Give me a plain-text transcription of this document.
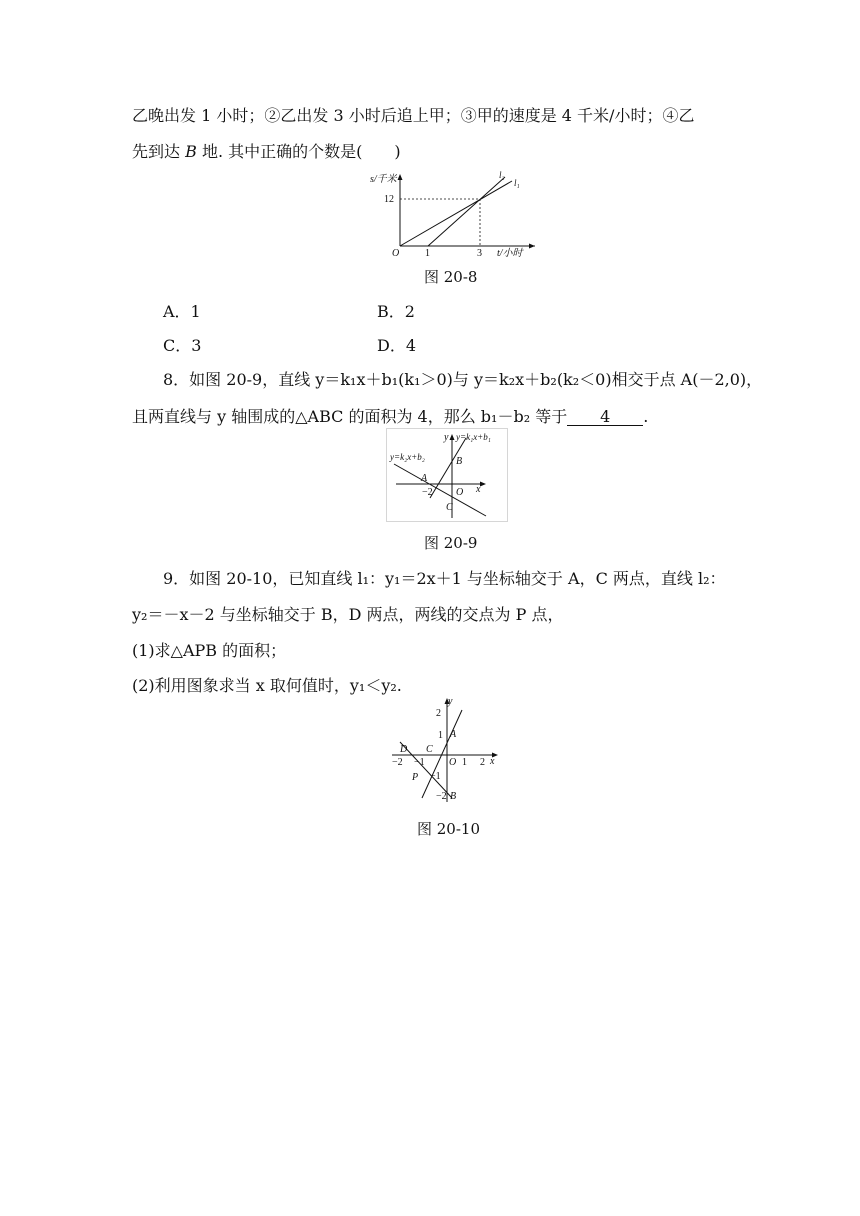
乙晚出发 1 小时；②乙出发 3 小时后追上甲；③甲的速度是 4 千米/小时；④乙
先到达 B 地. 其中正确的个数是(　　)
s/千米
12
O	1	3 t/小时
l₂
l₁
图 20-8
A．1	B．2
C．3	D．4
8．如图 20-9，直线 y＝k₁x＋b₁(k₁＞0)与 y＝k₂x＋b₂(k₂＜0)相交于点 A(－2,0)，
且两直线与 y 轴围成的△ABC 的面积为 4，那么 b₁－b₂ 等于 4 .
y=k₁x+b₁
y=k₂x+b₂
y
B
A
−2 O x
C
图 20-9
9．如图 20-10，已知直线 l₁：y₁＝2x＋1 与坐标轴交于 A，C 两点，直线 l₂：
y₂＝－x－2 与坐标轴交于 B，D 两点，两线的交点为 P 点，
(1)求△APB 的面积；
(2)利用图象求当 x 取何值时，y₁＜y₂.
y
2
1 A
D C
−2 −1 O 1 2 x
−1
P
−2 B
图 20-10
